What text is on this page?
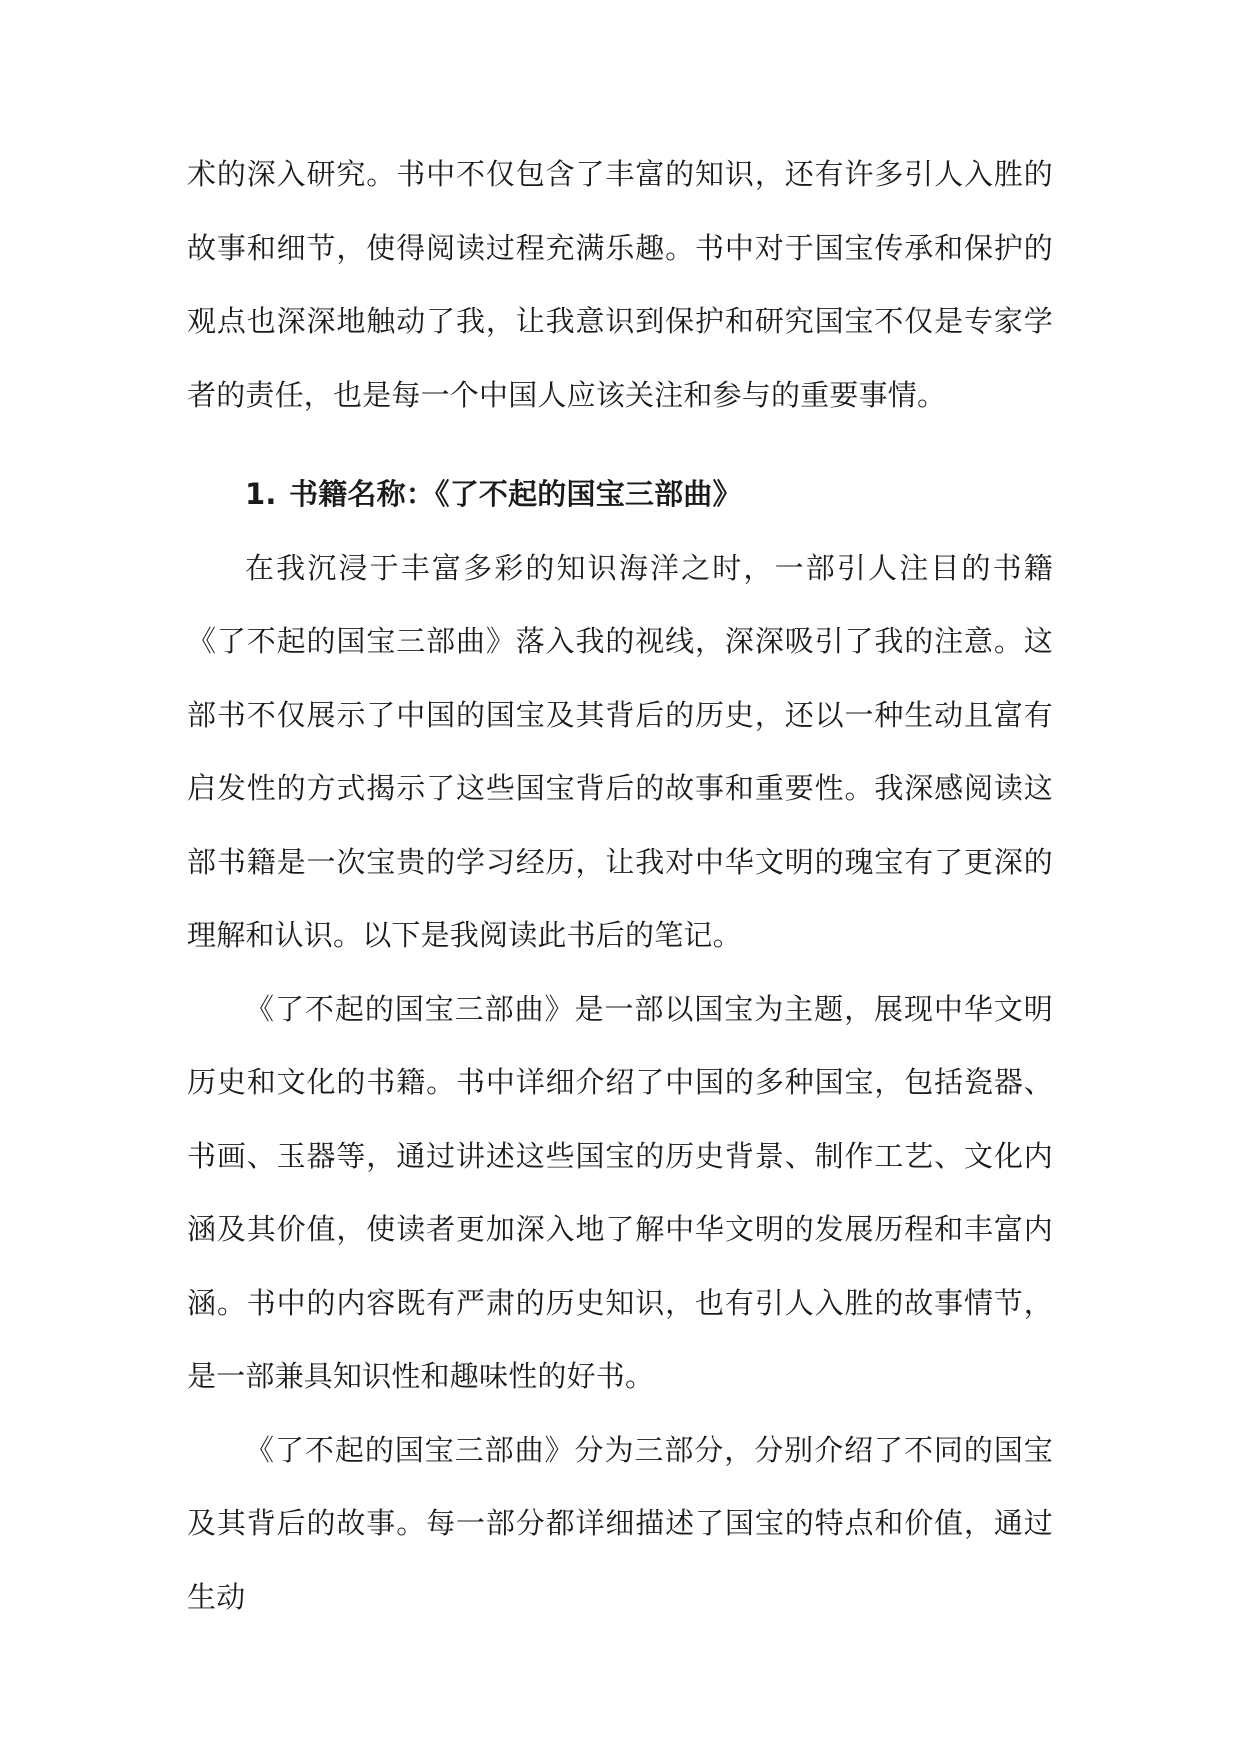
术的深入研究。书中不仅包含了丰富的知识，还有许多引人入胜的故事和细节，使得阅读过程充满乐趣。书中对于国宝传承和保护的观点也深深地触动了我，让我意识到保护和研究国宝不仅是专家学者的责任，也是每一个中国人应该关注和参与的重要事情。

1. 书籍名称：《了不起的国宝三部曲》

在我沉浸于丰富多彩的知识海洋之时，一部引人注目的书籍《了不起的国宝三部曲》落入我的视线，深深吸引了我的注意。这部书不仅展示了中国的国宝及其背后的历史，还以一种生动且富有启发性的方式揭示了这些国宝背后的故事和重要性。我深感阅读这部书籍是一次宝贵的学习经历，让我对中华文明的瑰宝有了更深的理解和认识。以下是我阅读此书后的笔记。

《了不起的国宝三部曲》是一部以国宝为主题，展现中华文明历史和文化的书籍。书中详细介绍了中国的多种国宝，包括瓷器、书画、玉器等，通过讲述这些国宝的历史背景、制作工艺、文化内涵及其价值，使读者更加深入地了解中华文明的发展历程和丰富内涵。书中的内容既有严肃的历史知识，也有引人入胜的故事情节，是一部兼具知识性和趣味性的好书。

《了不起的国宝三部曲》分为三部分，分别介绍了不同的国宝及其背后的故事。每一部分都详细描述了国宝的特点和价值，通过生动
